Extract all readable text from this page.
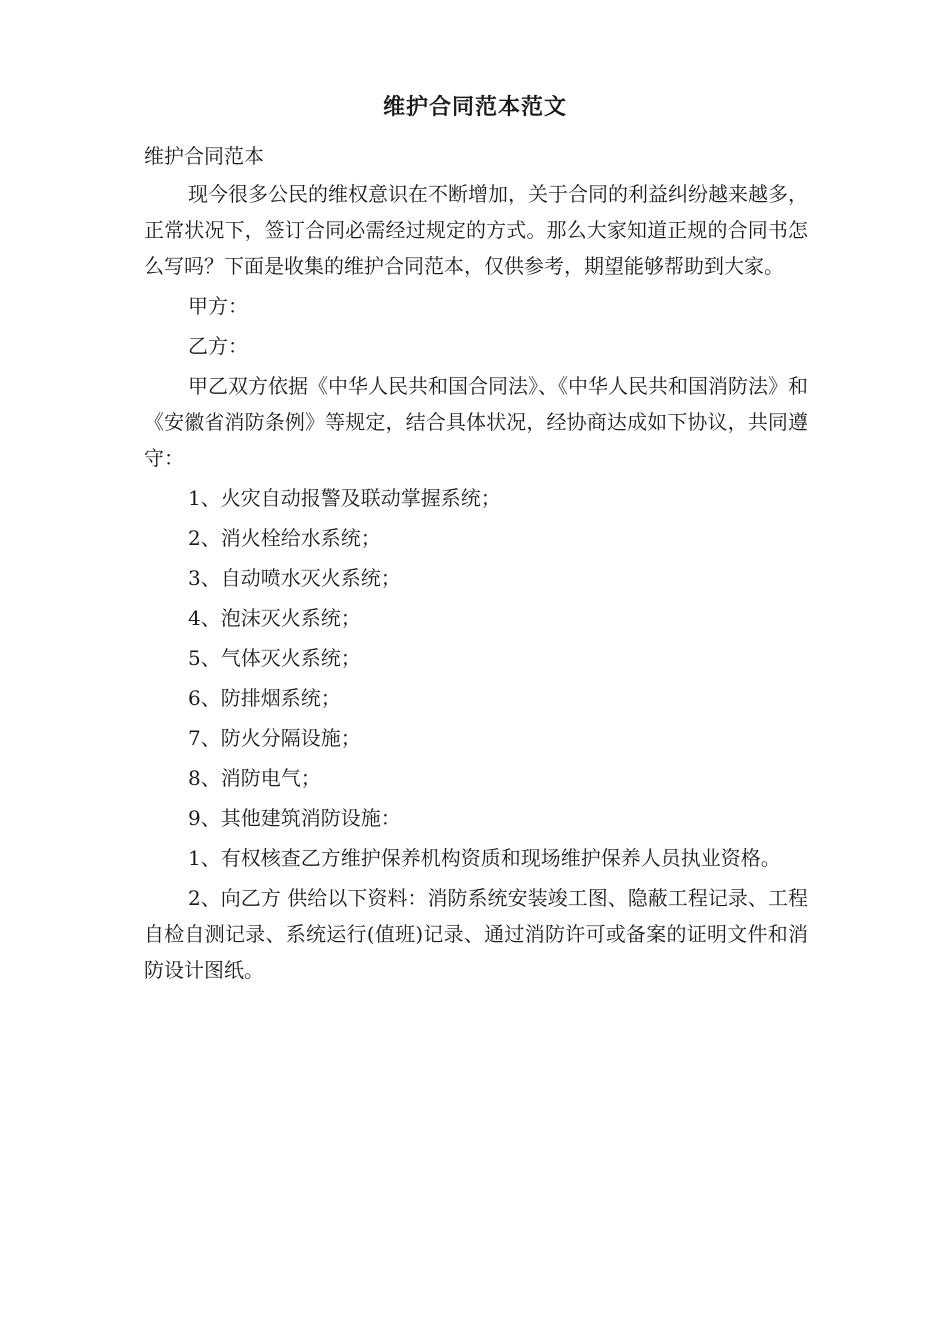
维护合同范本范文

维护合同范本

现今很多公民的维权意识在不断增加，关于合同的利益纠纷越来越多，正常状况下，签订合同必需经过规定的方式。那么大家知道正规的合同书怎么写吗？下面是收集的维护合同范本，仅供参考，期望能够帮助到大家。

甲方：

乙方：

甲乙双方依据《中华人民共和国合同法》、《中华人民共和国消防法》和《安徽省消防条例》等规定，结合具体状况，经协商达成如下协议，共同遵守：

1、火灾自动报警及联动掌握系统；

2、消火栓给水系统；

3、自动喷水灭火系统；

4、泡沫灭火系统；

5、气体灭火系统；

6、防排烟系统；

7、防火分隔设施；

8、消防电气；

9、其他建筑消防设施：

1、有权核查乙方维护保养机构资质和现场维护保养人员执业资格。

2、向乙方 供给以下资料：消防系统安装竣工图、隐蔽工程记录、工程自检自测记录、系统运行(值班)记录、通过消防许可或备案的证明文件和消防设计图纸。
